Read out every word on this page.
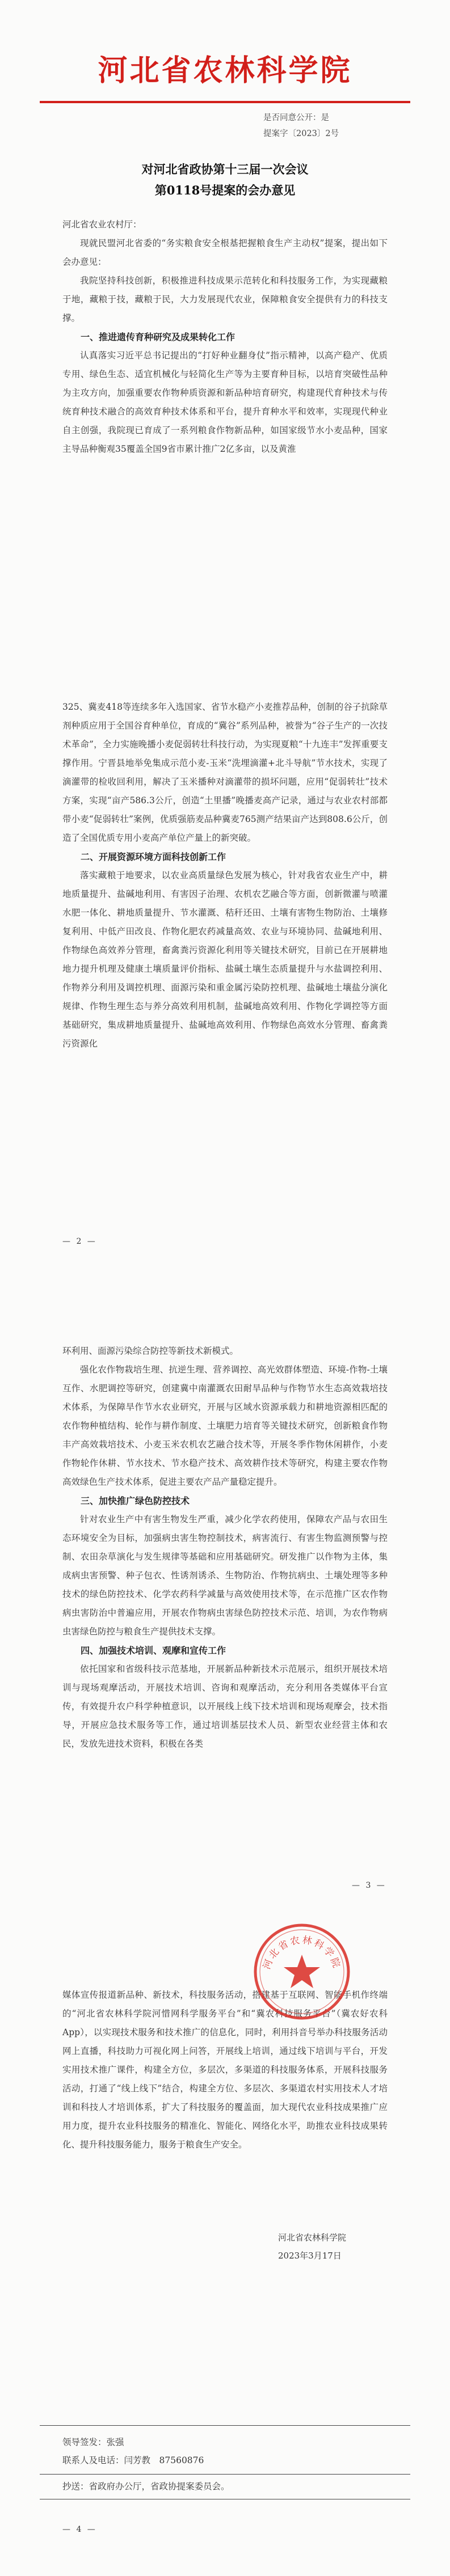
河北省农林科学院
是否同意公开：是
提案字〔2023〕2号
对河北省政协第十三届一次会议
第0118号提案的会办意见

河北省农业农村厅：

现就民盟河北省委的“务实粮食安全根基把握粮食生产主动权”提案，提出如下会办意见：

我院坚持科技创新，积极推进科技成果示范转化和科技服务工作，为实现藏粮于地，藏粮于技，藏粮于民，大力发展现代农业，保障粮食安全提供有力的科技支撑。

一、推进遗传育种研究及成果转化工作

认真落实习近平总书记提出的“打好种业翻身仗”指示精神，以高产稳产、优质专用、绿色生态、适宜机械化与轻简化生产等为主要育种目标，以培育突破性品种为主攻方向，加强重要农作物种质资源和新品种培育研究，构建现代育种技术与传统育种技术融合的高效育种技术体系和平台，提升育种水平和效率，实现现代种业自主创强，我院现已育成了一系列粮食作物新品种，如国家级节水小麦品种，国家主导品种衡观35覆盖全国9省市累计推广2亿多亩，以及黄淮

325、冀麦418等连续多年入选国家、省节水稳产小麦推荐品种，创制的谷子抗除草剂种质应用于全国谷育种单位，育成的“冀谷”系列品种，被誉为“谷子生产的一次技术革命”，全力实施晚播小麦促弱转壮科技行动，为实现夏粮“十九连丰”发挥重要支撑作用。宁晋县地举免集成示范小麦-玉米“洗埋滴灌+北斗导航”节水技术，实现了滴灌带的检收回利用，解决了玉米播种对滴灌带的损坏问题，应用“促弱转壮”技术方案，实现“亩产586.3公斤，创造“土里播”晚播麦高产记录，通过与农业农村部都带小麦“促弱转壮”案例，优质强筋麦品种冀麦765测产结果亩产达到808.6公斤，创造了全国优质专用小麦高产单位产量上的新突破。

二、开展资源环境方面科技创新工作

落实藏粮于地要求，以农业高质量绿色发展为核心，针对我省农业生产中，耕地质量提升、盐碱地利用、有害因子治理、农机农艺融合等方面，创新微灌与喷灌水肥一体化、耕地质量提升、节水灌溉、秸秆还田、土壤有害物生物防治、土壤修复利用、中低产田改良、作物化肥农药减量高效、农业与环境协同、盐碱地利用、作物绿色高效养分管理，畜禽粪污资源化利用等关键技术研究，目前已在开展耕地地力提升机理及健康土壤质量评价指标、盐碱土壤生态质量提升与水盐调控利用、作物养分利用及调控机理、面源污染和重金属污染防控机理、盐碱地土壤盐分演化规律、作物生理生态与养分高效利用机制，盐碱地高效利用、作物化学调控等方面基础研究，集成耕地质量提升、盐碱地高效利用、作物绿色高效水分管理、畜禽粪污资源化

— 2 —

环利用、面源污染综合防控等新技术新模式。

强化农作物栽培生理、抗逆生理、营养调控、高光效群体塑造、环境-作物-土壤互作、水肥调控等研究，创建冀中南灌溉农田耐旱品种与作物节水生态高效栽培技术体系，为保障旱作节水农业研究，开展与区域水资源承载力和耕地资源相匹配的农作物种植结构、轮作与耕作制度、土壤肥力培育等关键技术研究，创新粮食作物丰产高效栽培技术、小麦玉米农机农艺融合技术等，开展冬季作物休闲耕作，小麦作物轮作休耕、节水技术、节水稳产技术、高效耕作技术等研究，构建主要农作物高效绿色生产技术体系，促进主要农产品产量稳定提升。

三、加快推广绿色防控技术

针对农业生产中有害生物发生严重，减少化学农药使用，保障农产品与农田生态环境安全为目标，加强病虫害生物控制技术，病害流行、有害生物监测预警与控制、农田杂草演化与发生规律等基础和应用基础研究。研发推广以作物为主体，集成病虫害预警、种子包衣、性诱剂诱杀、生物防治、作物抗病虫、土壤处理等多种技术的绿色防控技术、化学农药科学减量与高效使用技术等，在示范推广区农作物病虫害防治中普遍应用，开展农作物病虫害绿色防控技术示范、培训，为农作物病虫害绿色防控与粮食生产提供技术支撑。

四、加强技术培训、观摩和宣传工作

依托国家和省级科技示范基地，开展新品种新技术示范展示，组织开展技术培训与现场观摩活动，开展技术培训、咨询和观摩活动，充分利用各类媒体平台宣传，有效提升农户科学种植意识，以开展线上线下技术培训和现场观摩会，技术指导，开展应急技术服务等工作，通过培训基层技术人员、新型农业经营主体和农民，发放先进技术资料，积极在各类

— 3 —

媒体宣传报道新品种、新技术，科技服务活动，搭建基于互联网、智能手机作终端的“河北省农林科学院河惜网科学服务平台”和“冀农科技服务平台”（冀农好农科App），以实现技术服务和技术推广的信息化，同时，利用抖音号举办科技服务活动网上直播，科技助力可视化网上问答，开展线上培训，通过线下培训与平台，开发实用技术推广课件，构建全方位，多层次，多渠道的科技服务体系，开展科技服务活动，打通了“线上线下”结合，构建全方位、多层次、多渠道农村实用技术人才培训和科技人才培训体系，扩大了科技服务的覆盖面，加大现代农业科技成果推广应用力度，提升农业科技服务的精准化、智能化、网络化水平，助推农业科技成果转化、提升科技服务能力，服务于粮食生产安全。

河北省农林科学院
2023年3月17日
领导签发：张强
联系人及电话：闫芳教　87560876
抄送：省政府办公厅，省政协提案委员会。
— 4 —
河北省农林科学院
